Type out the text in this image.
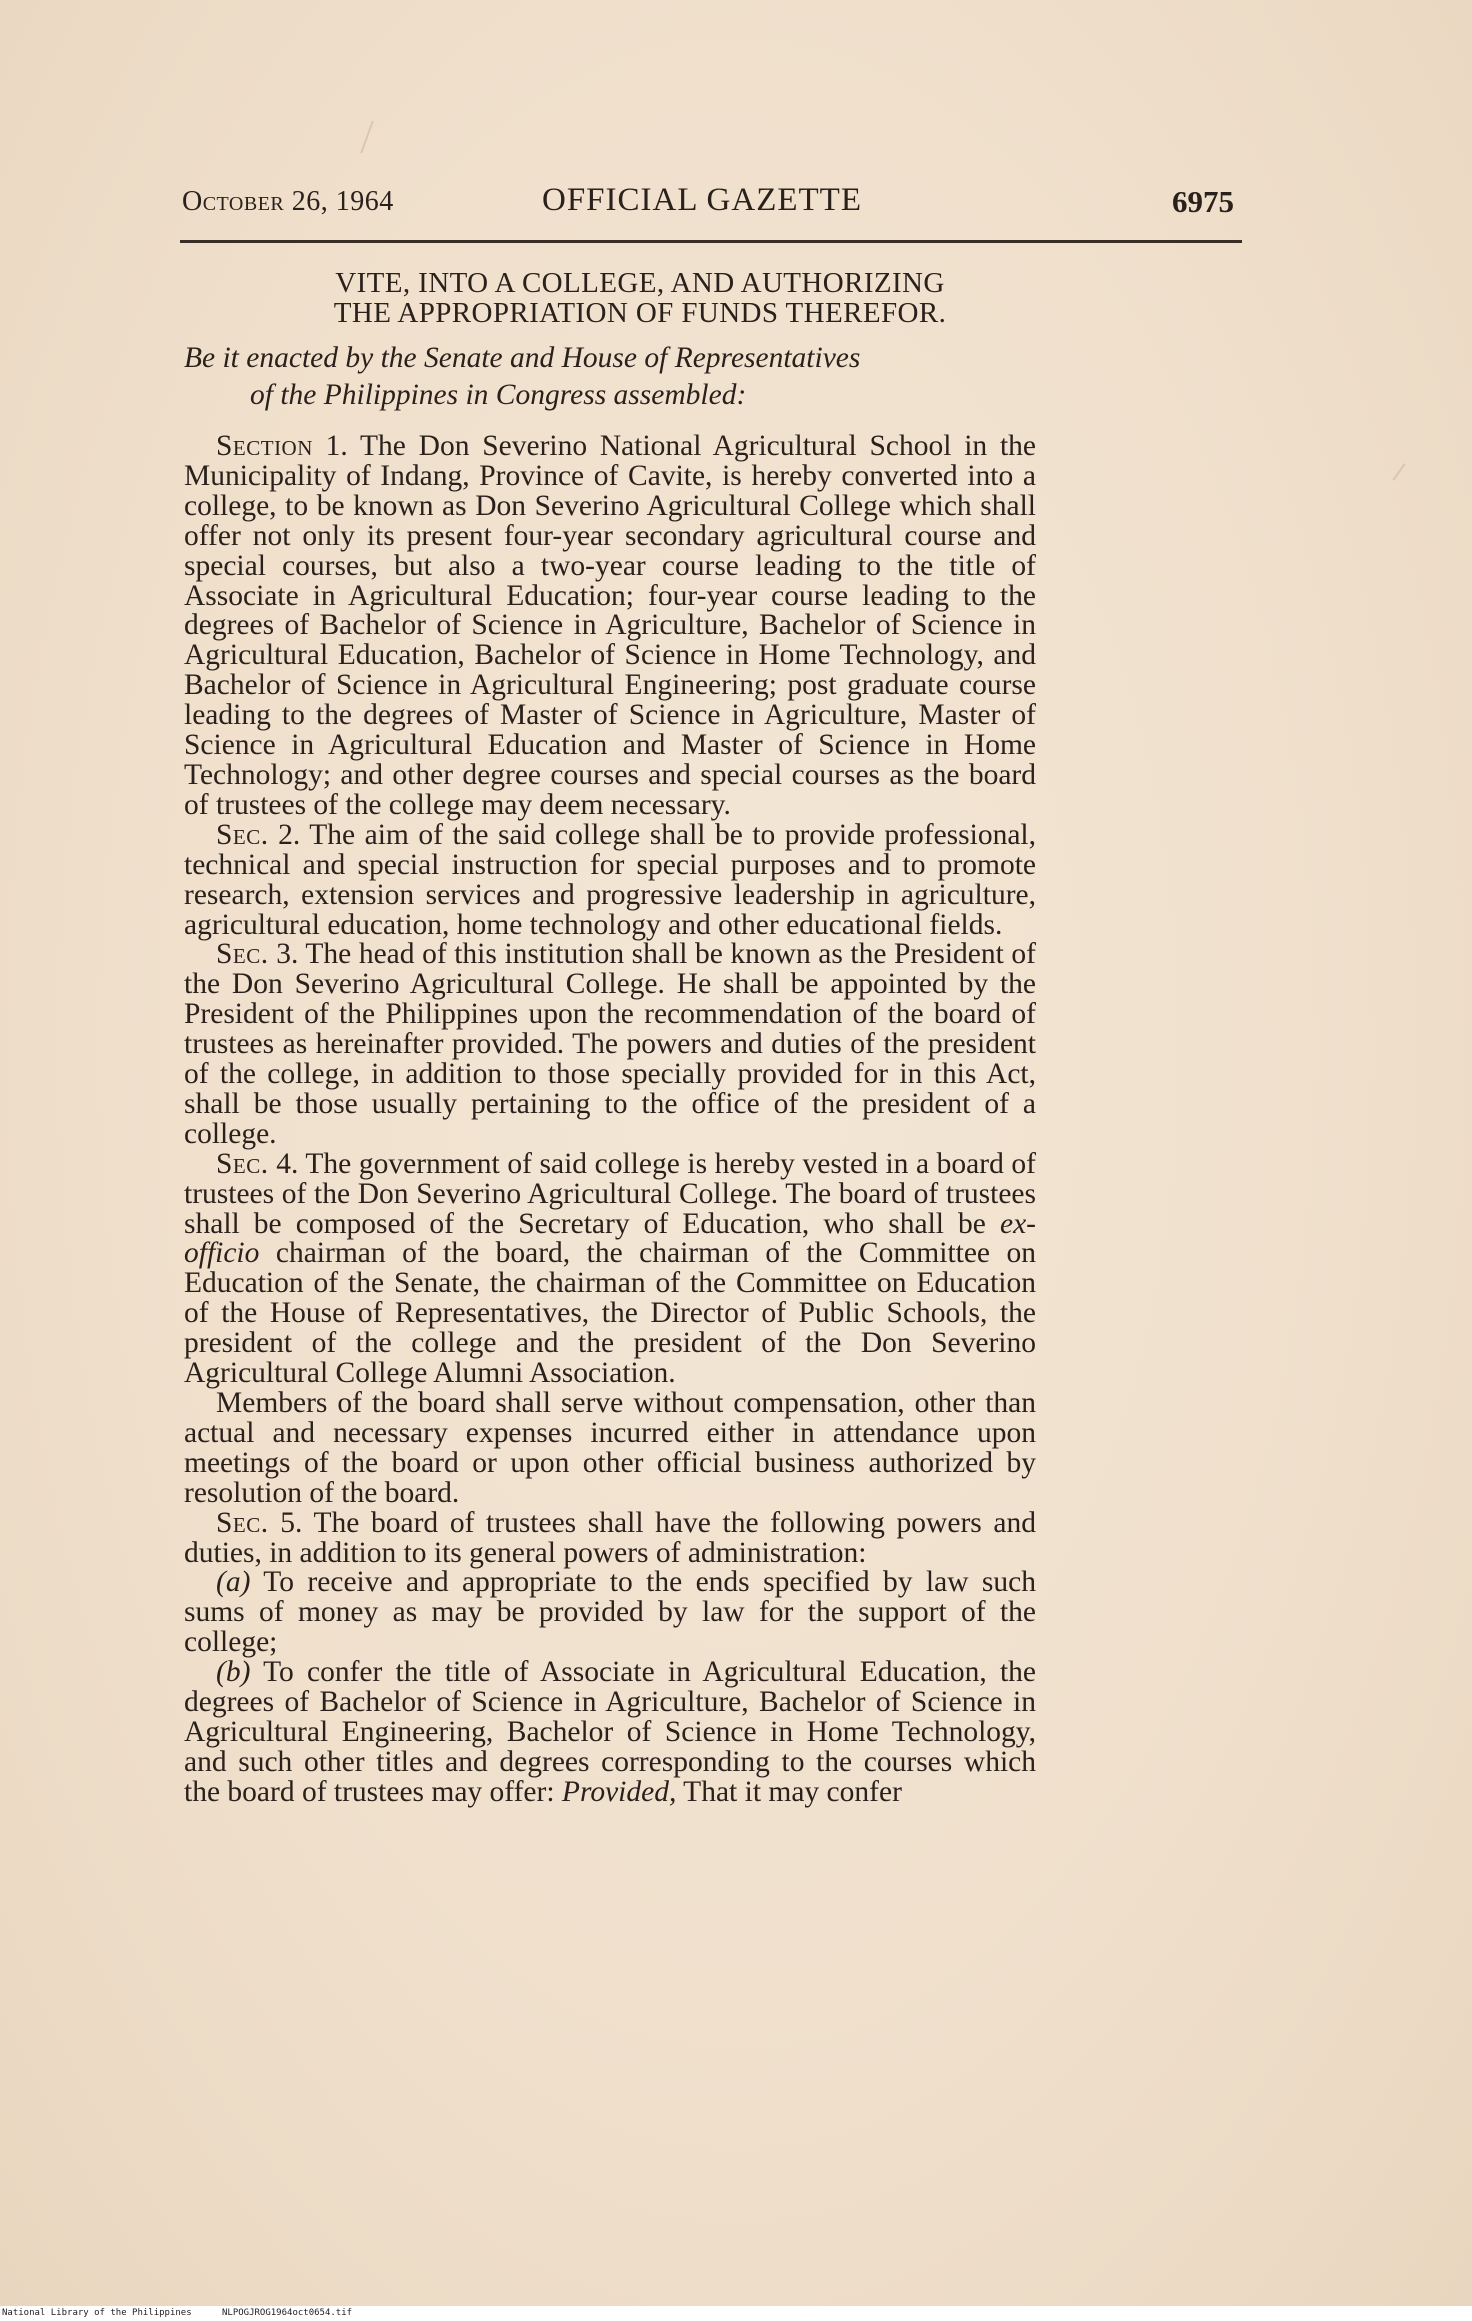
October 26, 1964	OFFICIAL GAZETTE	6975
VITE, INTO A COLLEGE, AND AUTHORIZING
THE APPROPRIATION OF FUNDS THEREFOR.
Be it enacted by the Senate and House of Representatives
of the Philippines in Congress assembled:

Section 1. The Don Severino National Agricultural School in the Municipality of Indang, Province of Cavite, is hereby converted into a college, to be known as Don Severino Agricultural College which shall offer not only its present four-year secondary agricultural course and special courses, but also a two-year course leading to the title of Associate in Agricultural Education; four-year course leading to the degrees of Bachelor of Science in Agriculture, Bachelor of Science in Agricultural Education, Bachelor of Science in Home Technology, and Bachelor of Science in Agricultural Engineering; post graduate course leading to the degrees of Master of Science in Agriculture, Master of Science in Agricultural Education and Master of Science in Home Technology; and other degree courses and special courses as the board of trustees of the college may deem necessary.

Sec. 2. The aim of the said college shall be to provide professional, technical and special instruction for special purposes and to promote research, extension services and progressive leadership in agriculture, agricultural education, home technology and other educational fields.

Sec. 3. The head of this institution shall be known as the President of the Don Severino Agricultural College. He shall be appointed by the President of the Philippines upon the recommendation of the board of trustees as hereinafter provided. The powers and duties of the president of the college, in addition to those specially provided for in this Act, shall be those usually pertaining to the office of the president of a college.

Sec. 4. The government of said college is hereby vested in a board of trustees of the Don Severino Agricultural College. The board of trustees shall be composed of the Secretary of Education, who shall be ex-officio chairman of the board, the chairman of the Committee on Education of the Senate, the chairman of the Committee on Education of the House of Representatives, the Director of Public Schools, the president of the college and the president of the Don Severino Agricultural College Alumni Association.

Members of the board shall serve without compensation, other than actual and necessary expenses incurred either in attendance upon meetings of the board or upon other official business authorized by resolution of the board.

Sec. 5. The board of trustees shall have the following powers and duties, in addition to its general powers of administration:

(a) To receive and appropriate to the ends specified by law such sums of money as may be provided by law for the support of the college;

(b) To confer the title of Associate in Agricultural Education, the degrees of Bachelor of Science in Agriculture, Bachelor of Science in Agricultural Engineering, Bachelor of Science in Home Technology, and such other titles and degrees corresponding to the courses which the board of trustees may offer: Provided, That it may confer

National Library of the Philippines	NLPOGJROG1964oct0654.tif
